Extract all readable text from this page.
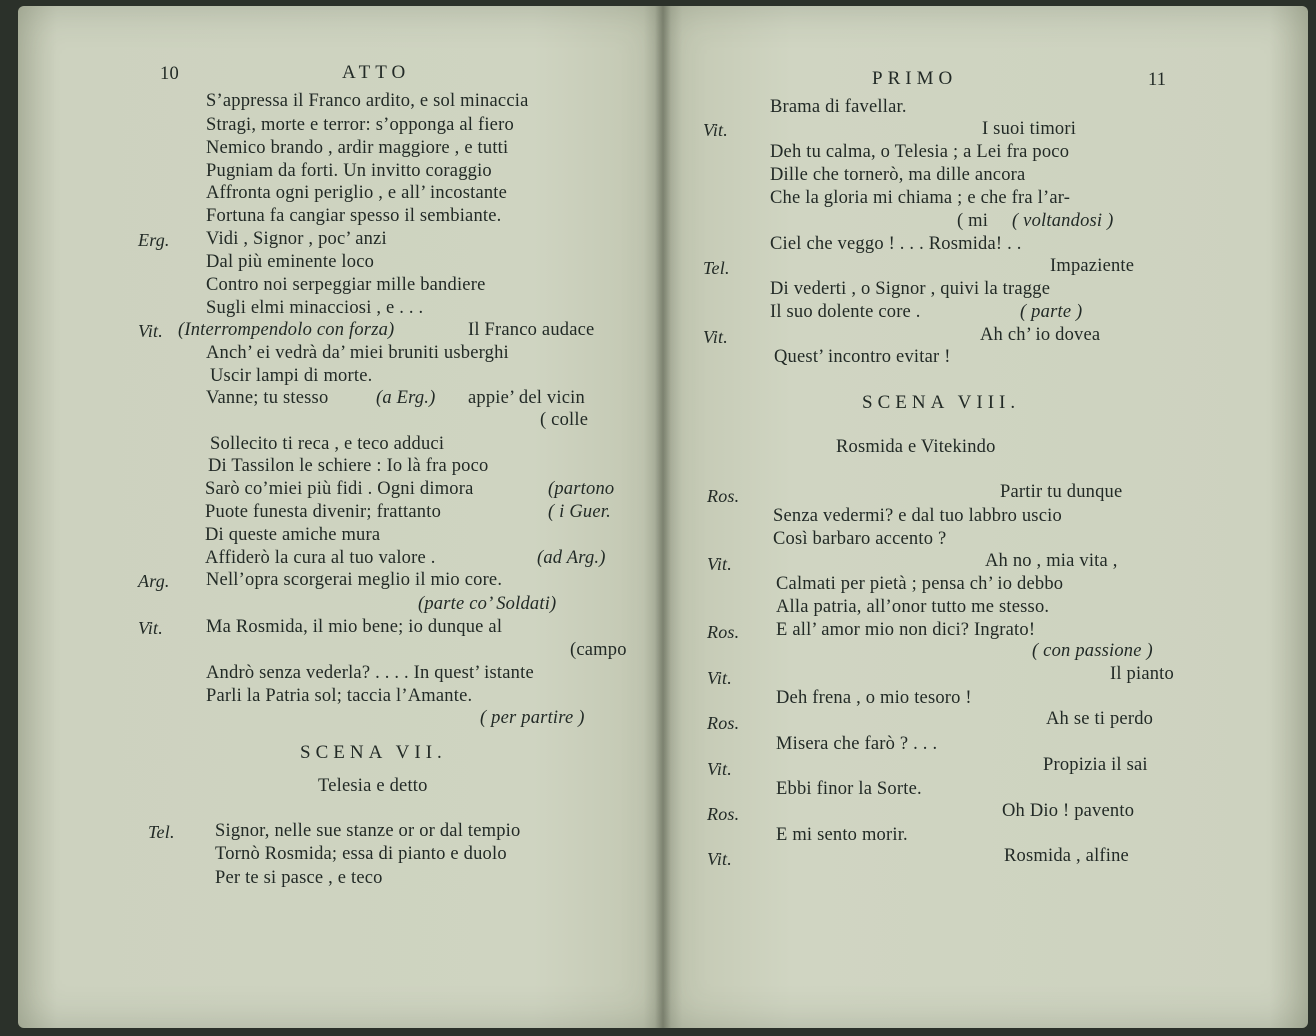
10	ATTO
S’appressa il Franco ardito, e sol minaccia
Stragi, morte e terror: s’opponga al fiero
Nemico brando , ardir maggiore , e tutti
Pugniam da forti. Un invitto coraggio
Affronta ogni periglio , e all’ incostante
Fortuna fa cangiar spesso il sembiante.
Erg. Vidi , Signor , poc’ anzi
Dal più eminente loco
Contro noi serpeggiar mille bandiere
Sugli elmi minacciosi , e . . .
Vit. (Interrompendolo con forza)	Il Franco audace
Anch’ ei vedrà da’ miei bruniti usberghi
Uscir lampi di morte.
Vanne; tu stesso	(a Erg.) appie’ del vicin
( colle
Sollecito ti reca , e teco adduci
Di Tassilon le schiere : Io là fra poco
Sarò co’miei più fidi . Ogni dimora	(partono
Puote funesta divenir; frattanto	( i Guer.
Di queste amiche mura
Affiderò la cura al tuo valore .	(ad Arg.)
Arg. Nell’opra scorgerai meglio il mio core.
(parte co’ Soldati)
Vit. Ma Rosmida, il mio bene; io dunque al
(campo
Andrò senza vederla? . . . . In quest’ istante
Parli la Patria sol; taccia l’Amante.
( per partire )
SCENA VII.
Telesia e detto
Tel. Signor, nelle sue stanze or or dal tempio
Tornò Rosmida; essa di pianto e duolo
Per te si pasce , e teco
PRIMO	11
Brama di favellar.
Vit.	I suoi timori
Deh tu calma, o Telesia ; a Lei fra poco
Dille che tornerò, ma dille ancora
Che la gloria mi chiama ; e che fra l’ar-
( mi ( voltandosi )
Ciel che veggo ! . . . Rosmida! . .
Tel.	Impaziente
Di vederti , o Signor , quivi la tragge
Il suo dolente core .	( parte )
Vit.	Ah ch’ io dovea
Quest’ incontro evitar !
SCENA VIII.
Rosmida e Vitekindo
Ros.	Partir tu dunque
Senza vedermi? e dal tuo labbro uscio
Così barbaro accento ?
Vit.	Ah no , mia vita ,
Calmati per pietà ; pensa ch’ io debbo
Alla patria, all’onor tutto me stesso.
Ros. E all’ amor mio non dici? Ingrato!
( con passione )
Vit.	Il pianto
Deh frena , o mio tesoro !
Ros.	Ah se ti perdo
Misera che farò ? . . .
Vit.	Propizia il sai
Ebbi finor la Sorte.
Ros.	Oh Dio ! pavento
E mi sento morir.
Vit.	Rosmida , alfine
